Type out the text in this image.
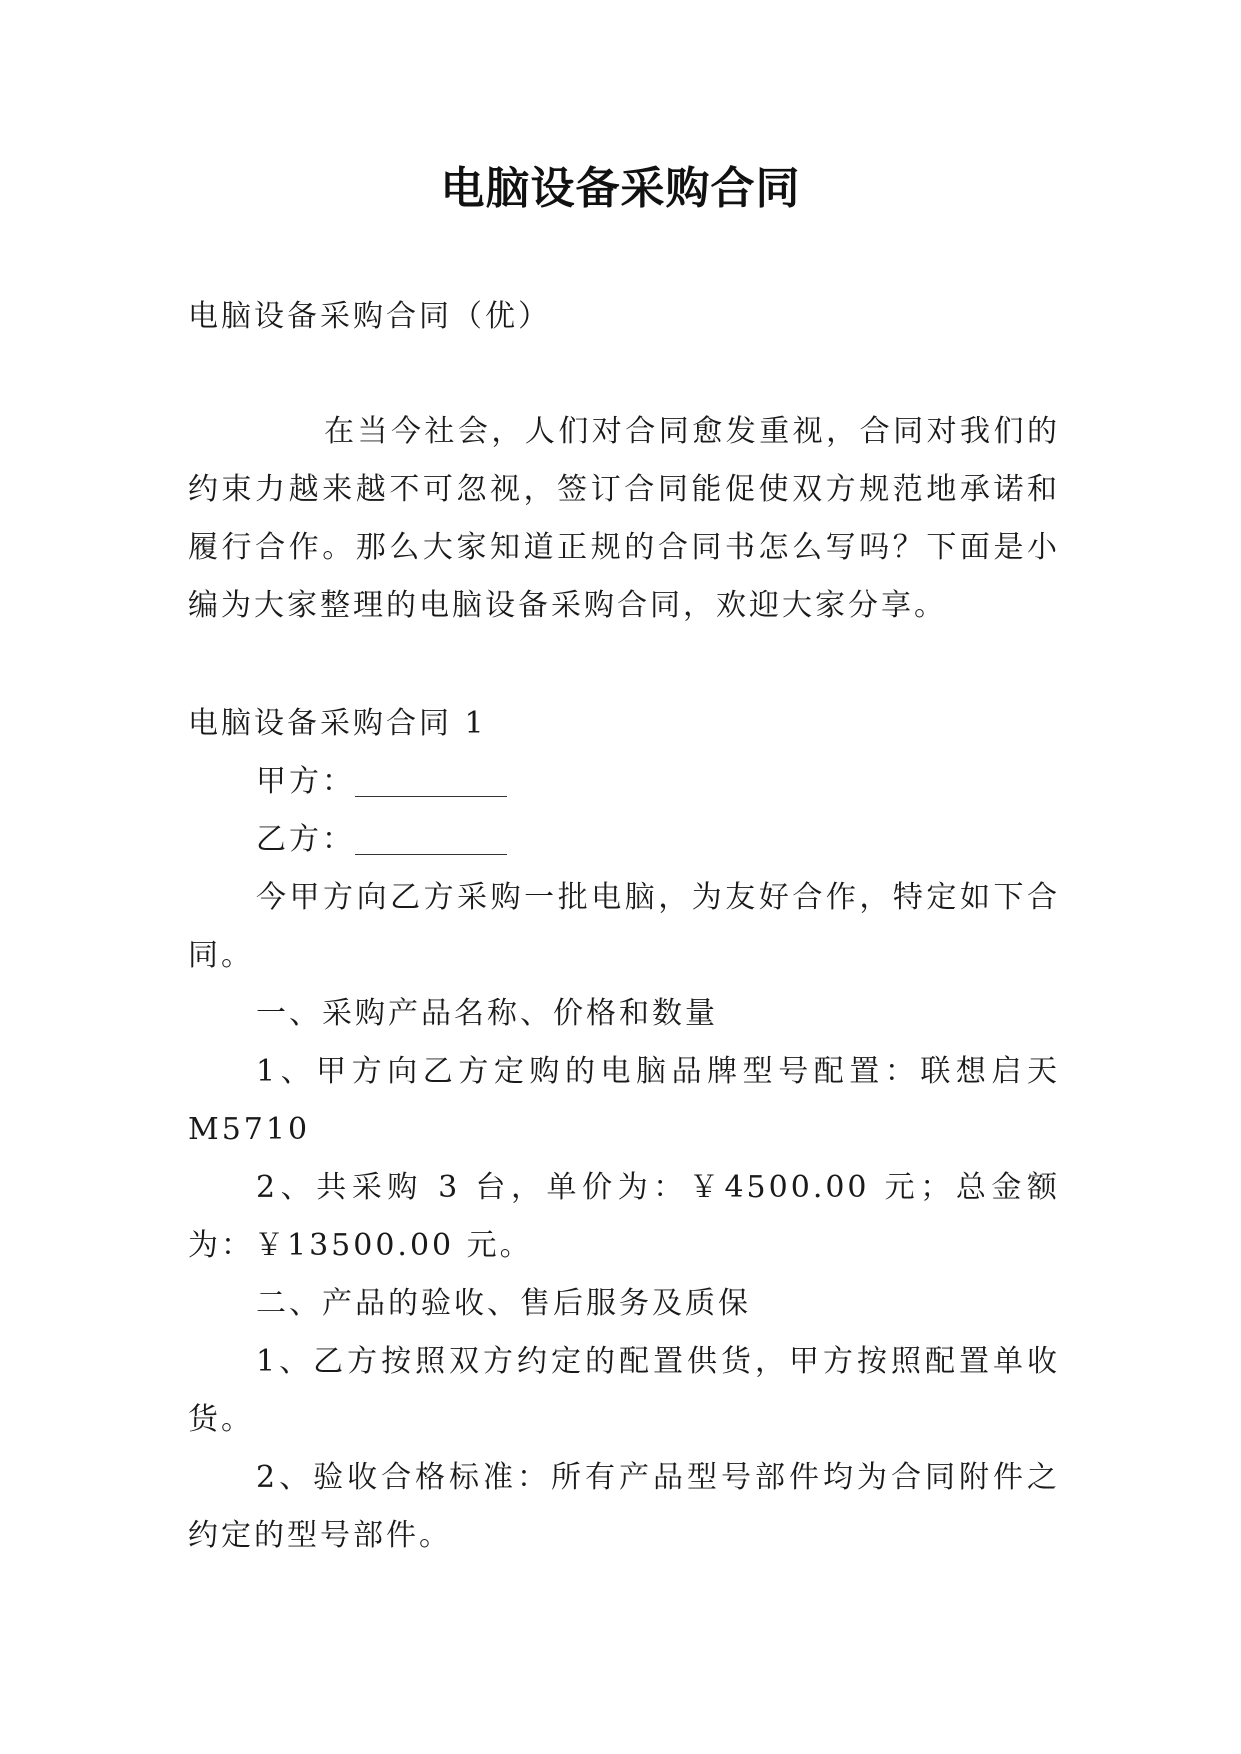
电脑设备采购合同

电脑设备采购合同（优）

在当今社会，人们对合同愈发重视，合同对我们的约束力越来越不可忽视，签订合同能促使双方规范地承诺和履行合作。那么大家知道正规的合同书怎么写吗？下面是小编为大家整理的电脑设备采购合同，欢迎大家分享。

电脑设备采购合同 1

甲方：

乙方：

今甲方向乙方采购一批电脑，为友好合作，特定如下合同。

一、采购产品名称、价格和数量

1、甲方向乙方定购的电脑品牌型号配置：联想启天 M5710

2、共采购 3 台，单价为：￥4500.00 元；总金额为：￥13500.00 元。

二、产品的验收、售后服务及质保

1、乙方按照双方约定的配置供货，甲方按照配置单收货。

2、验收合格标准：所有产品型号部件均为合同附件之约定的型号部件。
